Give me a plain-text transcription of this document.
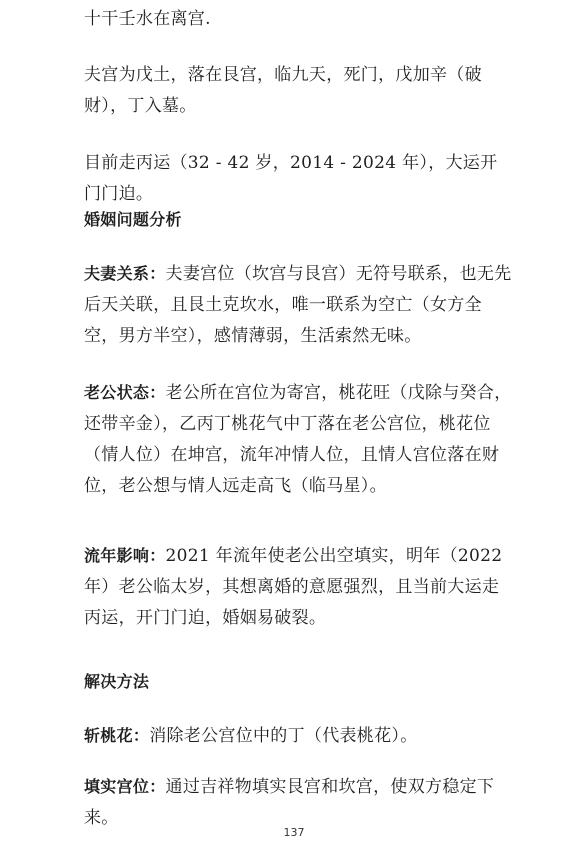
十干壬水在离宫.
夫宫为戊土，落在艮宫，临九天，死门，戊加辛（破财），丁入墓。
目前走丙运（32 - 42 岁，2014 - 2024 年），大运开门门迫。
婚姻问题分析
夫妻关系：夫妻宫位（坎宫与艮宫）无符号联系，也无先后天关联，且艮土克坎水，唯一联系为空亡（女方全空，男方半空），感情薄弱，生活索然无味。
老公状态：老公所在宫位为寄宫，桃花旺（戊除与癸合，还带辛金），乙丙丁桃花气中丁落在老公宫位，桃花位（情人位）在坤宫，流年冲情人位，且情人宫位落在财位，老公想与情人远走高飞（临马星）。
流年影响：2021 年流年使老公出空填实，明年（2022 年）老公临太岁，其想离婚的意愿强烈，且当前大运走丙运，开门门迫，婚姻易破裂。
解决方法
斩桃花：消除老公宫位中的丁（代表桃花）。
填实宫位：通过吉祥物填实艮宫和坎宫，使双方稳定下来。
137
